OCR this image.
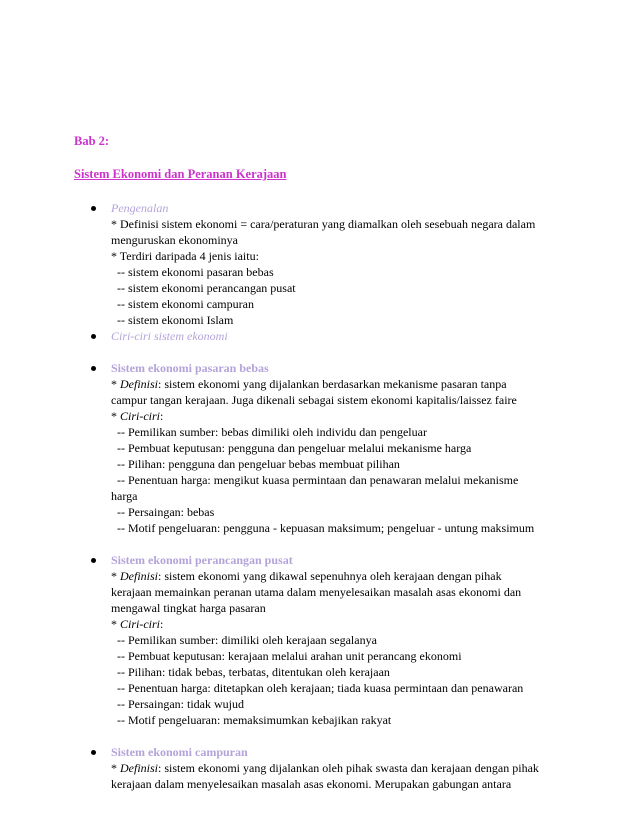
Bab 2:
Sistem Ekonomi dan Peranan Kerajaan
Pengenalan
* Definisi sistem ekonomi = cara/peraturan yang diamalkan oleh sesebuah negara dalam
menguruskan ekonominya
* Terdiri daripada 4 jenis iaitu:
-- sistem ekonomi pasaran bebas
-- sistem ekonomi perancangan pusat
-- sistem ekonomi campuran
-- sistem ekonomi Islam
Ciri-ciri sistem ekonomi
Sistem ekonomi pasaran bebas
* Definisi: sistem ekonomi yang dijalankan berdasarkan mekanisme pasaran tanpa
campur tangan kerajaan. Juga dikenali sebagai sistem ekonomi kapitalis/laissez faire
* Ciri-ciri:
-- Pemilikan sumber: bebas dimiliki oleh individu dan pengeluar
-- Pembuat keputusan: pengguna dan pengeluar melalui mekanisme harga
-- Pilihan: pengguna dan pengeluar bebas membuat pilihan
-- Penentuan harga: mengikut kuasa permintaan dan penawaran melalui mekanisme
harga
-- Persaingan: bebas
-- Motif pengeluaran: pengguna - kepuasan maksimum; pengeluar - untung maksimum
Sistem ekonomi perancangan pusat
* Definisi: sistem ekonomi yang dikawal sepenuhnya oleh kerajaan dengan pihak
kerajaan memainkan peranan utama dalam menyelesaikan masalah asas ekonomi dan
mengawal tingkat harga pasaran
* Ciri-ciri:
-- Pemilikan sumber: dimiliki oleh kerajaan segalanya
-- Pembuat keputusan: kerajaan melalui arahan unit perancang ekonomi
-- Pilihan: tidak bebas, terbatas, ditentukan oleh kerajaan
-- Penentuan harga: ditetapkan oleh kerajaan; tiada kuasa permintaan dan penawaran
-- Persaingan: tidak wujud
-- Motif pengeluaran: memaksimumkan kebajikan rakyat
Sistem ekonomi campuran
* Definisi: sistem ekonomi yang dijalankan oleh pihak swasta dan kerajaan dengan pihak
kerajaan dalam menyelesaikan masalah asas ekonomi. Merupakan gabungan antara
